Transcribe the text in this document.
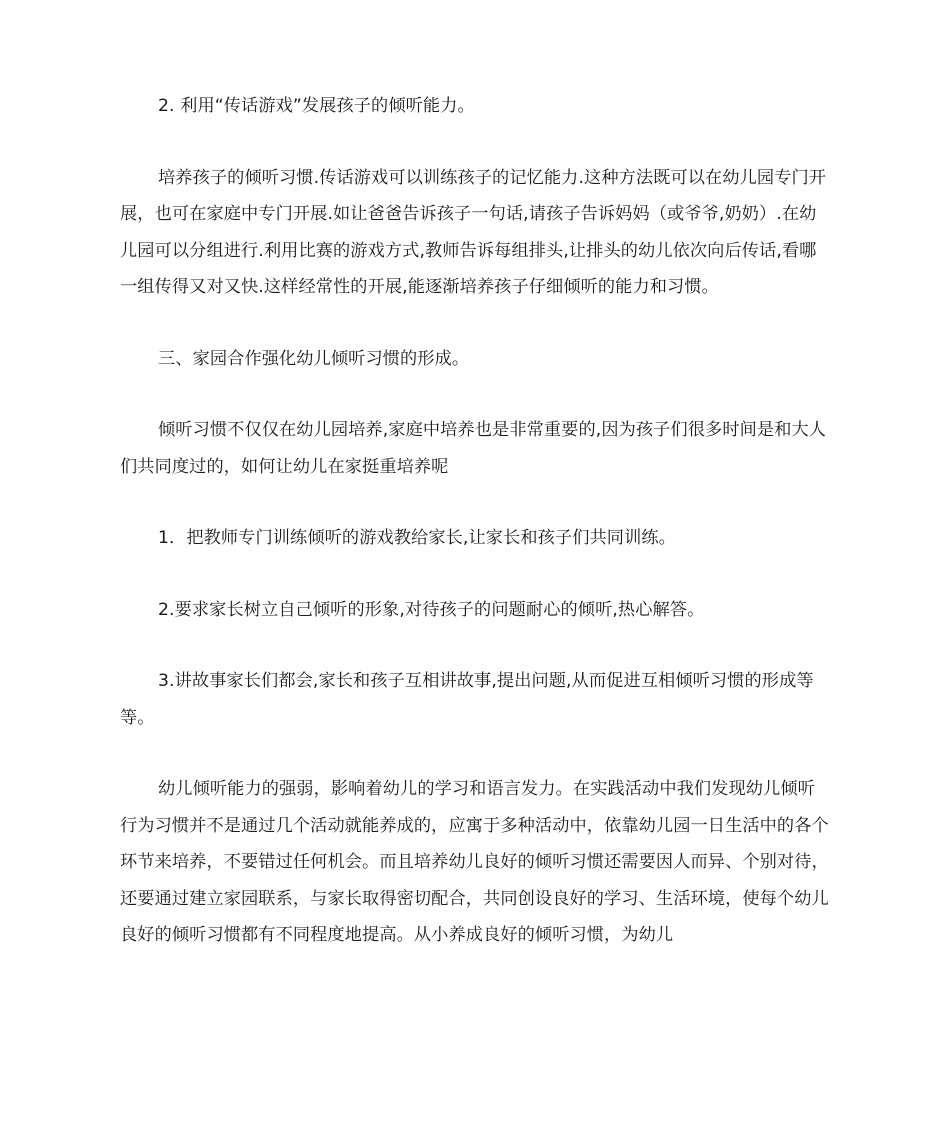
2. 利用“传话游戏”发展孩子的倾听能力。

培养孩子的倾听习惯.传话游戏可以训练孩子的记忆能力.这种方法既可以在幼儿园专门开展，也可在家庭中专门开展.如让爸爸告诉孩子一句话,请孩子告诉妈妈（或爷爷,奶奶）.在幼儿园可以分组进行.利用比赛的游戏方式,教师告诉每组排头,让排头的幼儿依次向后传话,看哪一组传得又对又快.这样经常性的开展,能逐渐培养孩子仔细倾听的能力和习惯。

三、家园合作强化幼儿倾听习惯的形成。

倾听习惯不仅仅在幼儿园培养,家庭中培养也是非常重要的,因为孩子们很多时间是和大人们共同度过的，如何让幼儿在家挺重培养呢

1．把教师专门训练倾听的游戏教给家长,让家长和孩子们共同训练。

2.要求家长树立自己倾听的形象,对待孩子的问题耐心的倾听,热心解答。

3.讲故事家长们都会,家长和孩子互相讲故事,提出问题,从而促进互相倾听习惯的形成等等。

幼儿倾听能力的强弱，影响着幼儿的学习和语言发力。在实践活动中我们发现幼儿倾听行为习惯并不是通过几个活动就能养成的，应寓于多种活动中，依靠幼儿园一日生活中的各个环节来培养，不要错过任何机会。而且培养幼儿良好的倾听习惯还需要因人而异、个别对待，还要通过建立家园联系，与家长取得密切配合，共同创设良好的学习、生活环境，使每个幼儿良好的倾听习惯都有不同程度地提高。从小养成良好的倾听习惯，为幼儿
